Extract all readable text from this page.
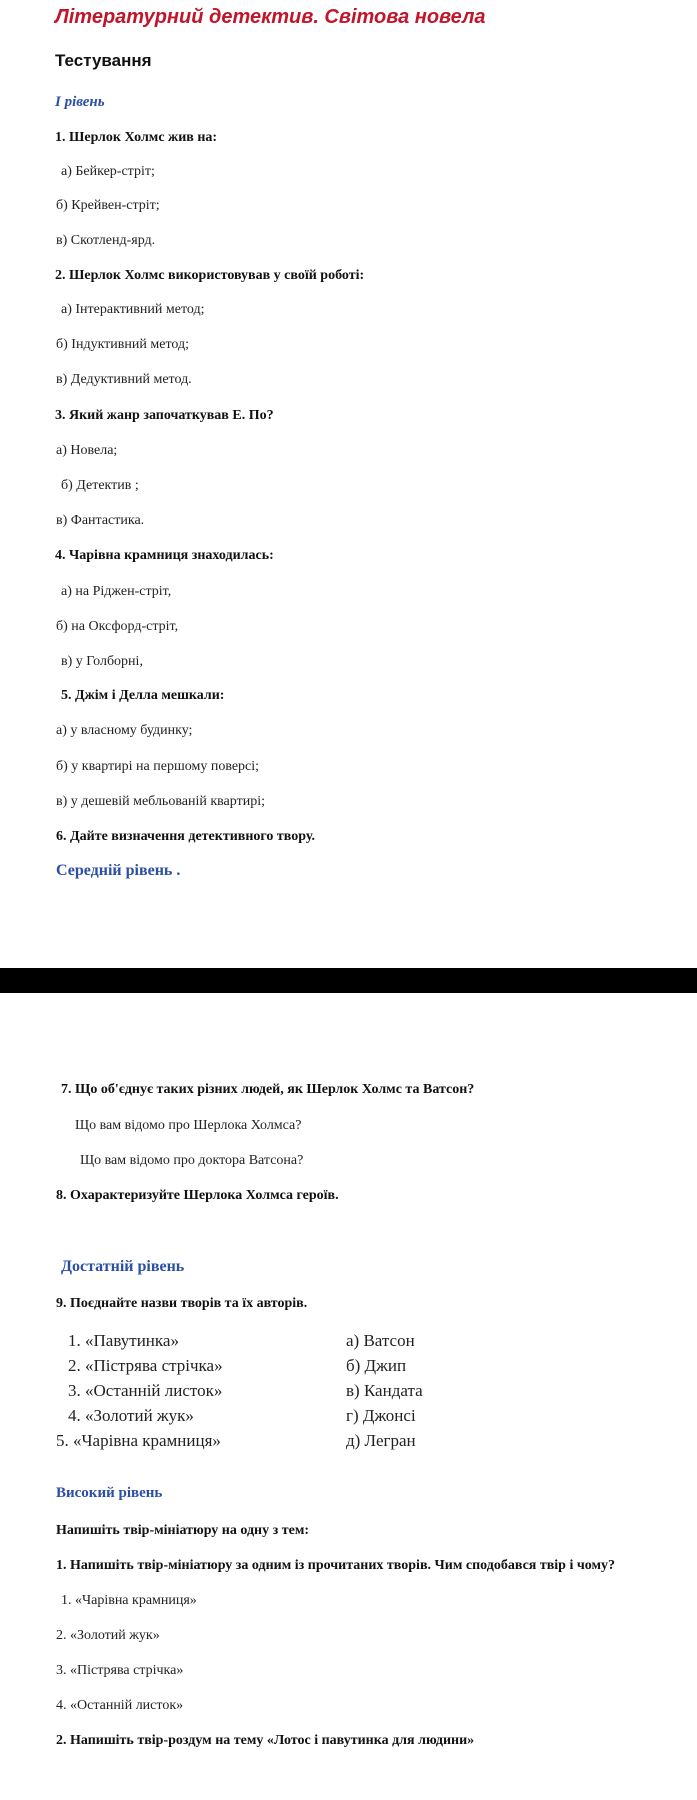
Літературний детектив. Світова новела
Тестування
І рівень
1. Шерлок Холмс жив на:
а) Бейкер-стріт;
б) Крейвен-стріт;
в) Скотленд-ярд.
2. Шерлок Холмс використовував у своїй роботі:
а) Інтерактивний метод;
б) Індуктивний метод;
в) Дедуктивний метод.
3. Який жанр започаткував Е. По?
а) Новела;
б) Детектив ;
в) Фантастика.
4. Чарівна крамниця знаходилась:
а) на Ріджен-стріт,
б) на Оксфорд-стріт,
в) у Голборні,
5. Джім і Делла мешкали:
а) у власному будинку;
б) у квартирі на першому поверсі;
в) у дешевій мебльованій квартирі;
6. Дайте визначення детективного твору.
Середній рівень .
7. Що об'єднує таких різних людей, як Шерлок Холмс та Ватсон?
Що вам відомо про Шерлока Холмса?
Що вам відомо про доктора Ватсона?
8. Охарактеризуйте Шерлока Холмса героїв.
Достатній рівень
9. Поєднайте назви творів та їх авторів.
1. «Павутинка»
2. «Пістрява стрічка»
3. «Останній листок»
4. «Золотий жук»
5. «Чарівна крамниця»
а) Ватсон
б) Джип
в) Кандата
г) Джонсі
д) Легран
Високий рівень
Напишіть твір-мініатюру на одну з тем:
1. Напишіть твір-мініатюру за одним із прочитаних творів. Чим сподобався твір і чому?
1. «Чарівна крамниця»
2. «Золотий жук»
3. «Пістрява стрічка»
4. «Останній листок»
2. Напишіть твір-роздум на тему «Лотос і павутинка для людини»
